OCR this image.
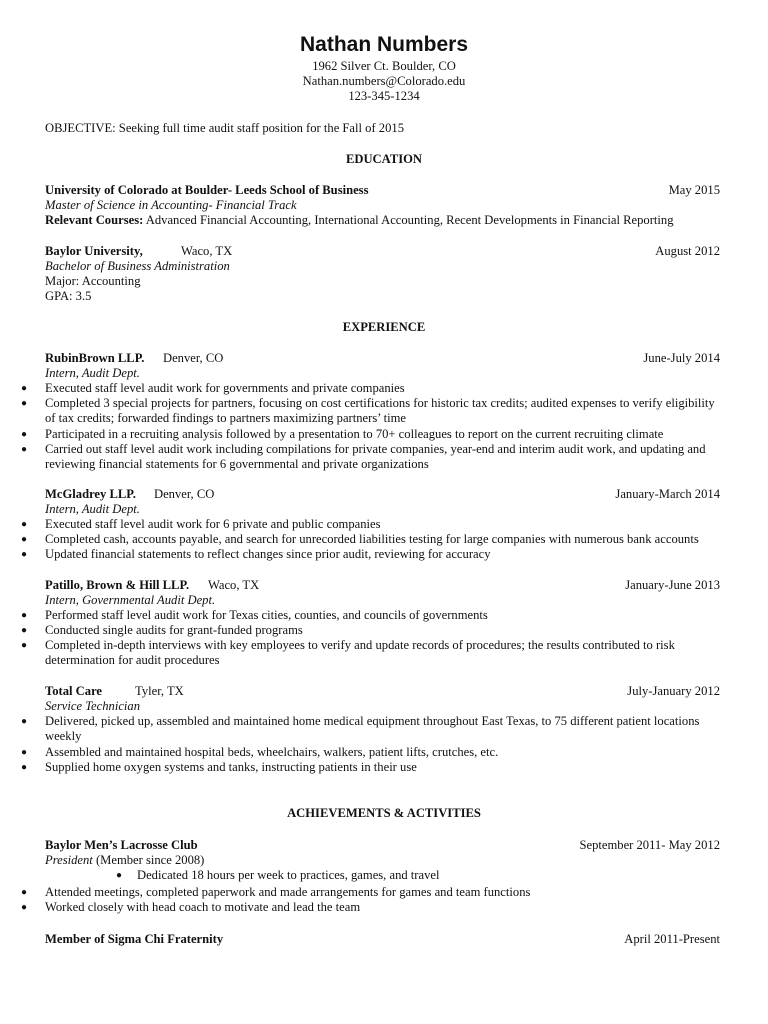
Nathan Numbers
1962 Silver Ct. Boulder, CO
Nathan.numbers@Colorado.edu
123-345-1234
OBJECTIVE: Seeking full time audit staff position for the Fall of 2015
EDUCATION
University of Colorado at Boulder- Leeds School of Business	May 2015
Master of Science in Accounting- Financial Track
Relevant Courses: Advanced Financial Accounting, International Accounting, Recent Developments in Financial Reporting
Baylor University,	Waco, TX	August 2012
Bachelor of Business Administration
Major: Accounting
GPA: 3.5
EXPERIENCE
RubinBrown LLP. Denver, CO	June-July 2014
Intern, Audit Dept.
● Executed staff level audit work for governments and private companies
● Completed 3 special projects for partners, focusing on cost certifications for historic tax credits; audited expenses to verify eligibility of tax credits; forwarded findings to partners maximizing partners’ time
● Participated in a recruiting analysis followed by a presentation to 70+ colleagues to report on the current recruiting climate
● Carried out staff level audit work including compilations for private companies, year-end and interim audit work, and updating and reviewing financial statements for 6 governmental and private organizations
McGladrey LLP. Denver, CO	January-March 2014
Intern, Audit Dept.
● Executed staff level audit work for 6 private and public companies
● Completed cash, accounts payable, and search for unrecorded liabilities testing for large companies with numerous bank accounts
● Updated financial statements to reflect changes since prior audit, reviewing for accuracy
Patillo, Brown & Hill LLP. Waco, TX	January-June 2013
Intern, Governmental Audit Dept.
● Performed staff level audit work for Texas cities, counties, and councils of governments
● Conducted single audits for grant-funded programs
● Completed in-depth interviews with key employees to verify and update records of procedures; the results contributed to risk determination for audit procedures
Total Care	Tyler, TX	July-January 2012
Service Technician
● Delivered, picked up, assembled and maintained home medical equipment throughout East Texas, to 75 different patient locations weekly
● Assembled and maintained hospital beds, wheelchairs, walkers, patient lifts, crutches, etc.
● Supplied home oxygen systems and tanks, instructing patients in their use
ACHIEVEMENTS & ACTIVITIES
Baylor Men’s Lacrosse Club	September 2011- May 2012
President (Member since 2008)
● Dedicated 18 hours per week to practices, games, and travel
● Attended meetings, completed paperwork and made arrangements for games and team functions
● Worked closely with head coach to motivate and lead the team
Member of Sigma Chi Fraternity	April 2011-Present
